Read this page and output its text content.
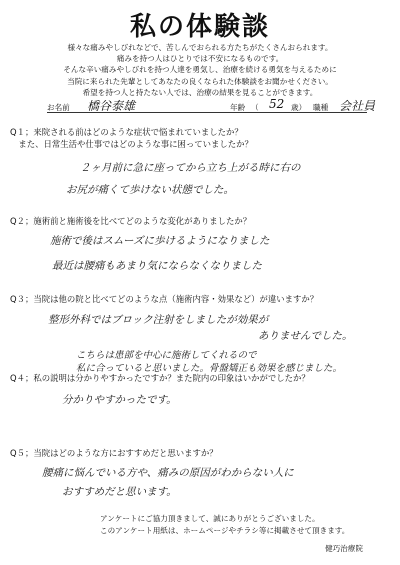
私の体験談
様々な痛みやしびれなどで、苦しんでおられる方たちがたくさんおられます。
痛みを持つ人はひとりでは不安になるものです。
そんな辛い痛みやしびれを持つ人達を勇気し、治療を続ける勇気を与えるために
当院に来られた先輩としてあなたの良くなられた体験談をお聞かせください。
希望を持つ人と持たない人では、治療の結果を見ることができます。
お名前 橋谷泰雄	年齢 （ 52 歳） 職種 会社員
Q１；来院される前はどのような症状で悩まれていましたか？
　また、日常生活や仕事ではどのような事に困っていましたか？
２ヶ月前に急に座ってから立ち上がる時に右の
お尻が痛くて歩けない状態でした。
Q２；施術前と施術後を比べてどのような変化がありましたか？
施術で後はスムーズに歩けるようになりました
最近は腰痛もあまり気にならなくなりました
Q３；当院は他の院と比べてどのような点（施術内容・効果など）が違いますか？
整形外科ではブロック注射をしましたが効果が
ありませんでした。
こちらは患部を中心に施術してくれるので
私に合っていると思いました。骨盤矯正も効果を感じました。
Q４；私の説明は分かりやすかったですか？また院内の印象はいかがでしたか？
分かりやすかったです。
Q５；当院はどのような方におすすめだと思いますか？
腰痛に悩んでいる方や、痛みの原因がわからない人に
おすすめだと思います。
アンケートにご協力頂きまして、誠にありがとうございました。
このアンケート用紙は、ホームページやチラシ等に掲載させて頂きます。
健巧治療院
